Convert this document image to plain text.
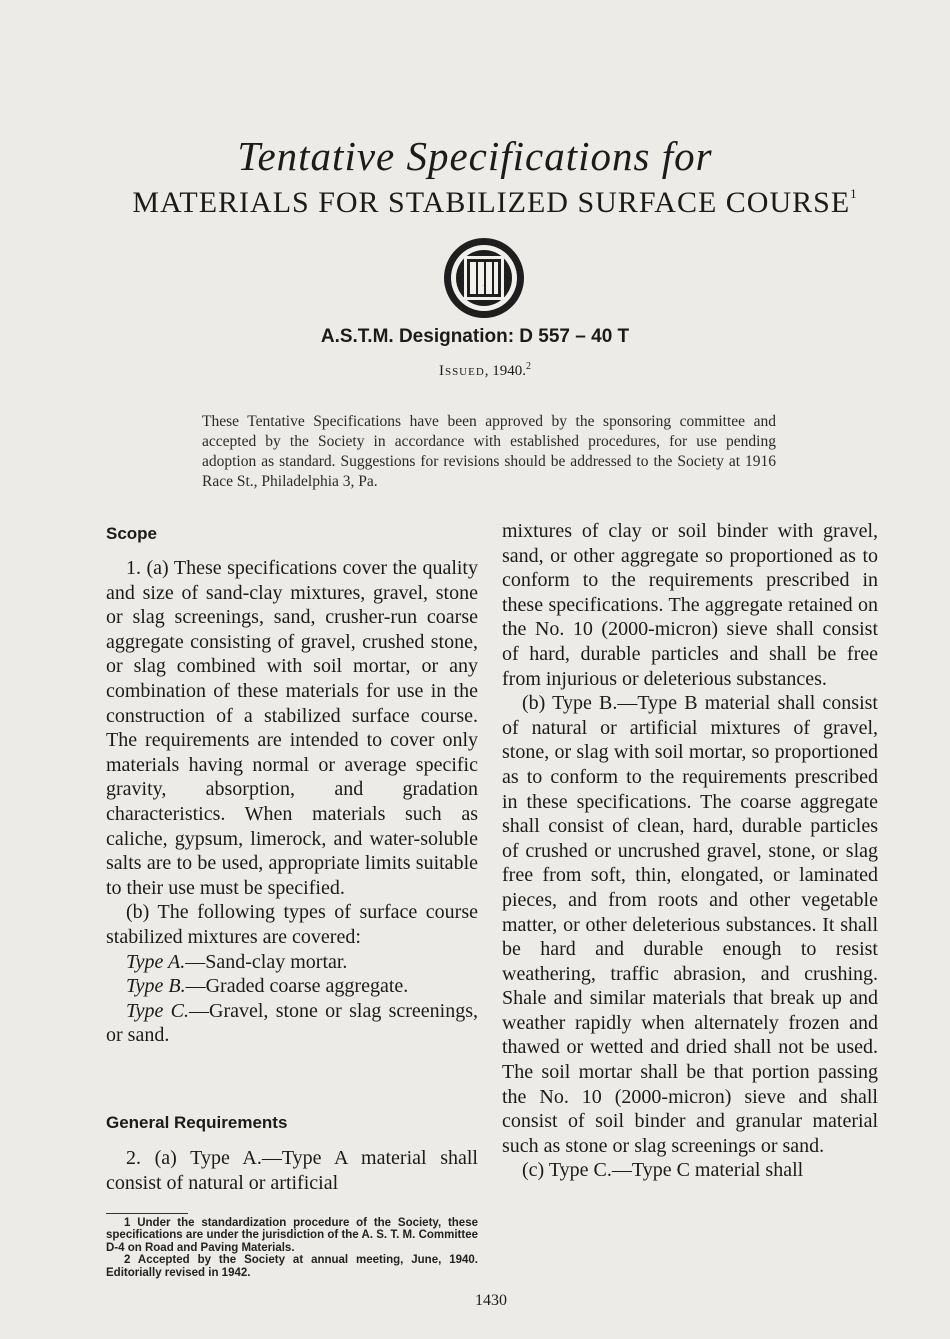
Tentative Specifications for
MATERIALS FOR STABILIZED SURFACE COURSE$^1$
ASTM
A.S.T.M. Designation: D 557 – 40 T
Issued, 1940.$^2$
These Tentative Specifications have been approved by the sponsoring committee and accepted by the Society in accordance with established procedures, for use pending adoption as standard. Suggestions for revisions should be addressed to the Society at 1916 Race St., Philadelphia 3, Pa.
Scope

1. (a) These specifications cover the quality and size of sand-clay mixtures, gravel, stone or slag screenings, sand, crusher-run coarse aggregate consisting of gravel, crushed stone, or slag combined with soil mortar, or any combination of these materials for use in the construction of a stabilized surface course. The requirements are intended to cover only materials having normal or average specific gravity, absorption, and gradation characteristics. When materials such as caliche, gypsum, limerock, and water-soluble salts are to be used, appropriate limits suitable to their use must be specified.

(b) The following types of surface course stabilized mixtures are covered:

Type A.—Sand-clay mortar.

Type B.—Graded coarse aggregate.

Type C.—Gravel, stone or slag screenings, or sand.

General Requirements

2. (a) Type A.—Type A material shall consist of natural or artificial

1 Under the standardization procedure of the Society, these specifications are under the jurisdiction of the A. S. T. M. Committee D-4 on Road and Paving Materials.

2 Accepted by the Society at annual meeting, June, 1940. Editorially revised in 1942.

mixtures of clay or soil binder with gravel, sand, or other aggregate so proportioned as to conform to the requirements prescribed in these specifications. The aggregate retained on the No. 10 (2000-micron) sieve shall consist of hard, durable particles and shall be free from injurious or deleterious substances.

(b) Type B.—Type B material shall consist of natural or artificial mixtures of gravel, stone, or slag with soil mortar, so proportioned as to conform to the requirements prescribed in these specifications. The coarse aggregate shall consist of clean, hard, durable particles of crushed or uncrushed gravel, stone, or slag free from soft, thin, elongated, or laminated pieces, and from roots and other vegetable matter, or other deleterious substances. It shall be hard and durable enough to resist weathering, traffic abrasion, and crushing. Shale and similar materials that break up and weather rapidly when alternately frozen and thawed or wetted and dried shall not be used. The soil mortar shall be that portion passing the No. 10 (2000-micron) sieve and shall consist of soil binder and granular material such as stone or slag screenings or sand.

(c) Type C.—Type C material shall

1430
